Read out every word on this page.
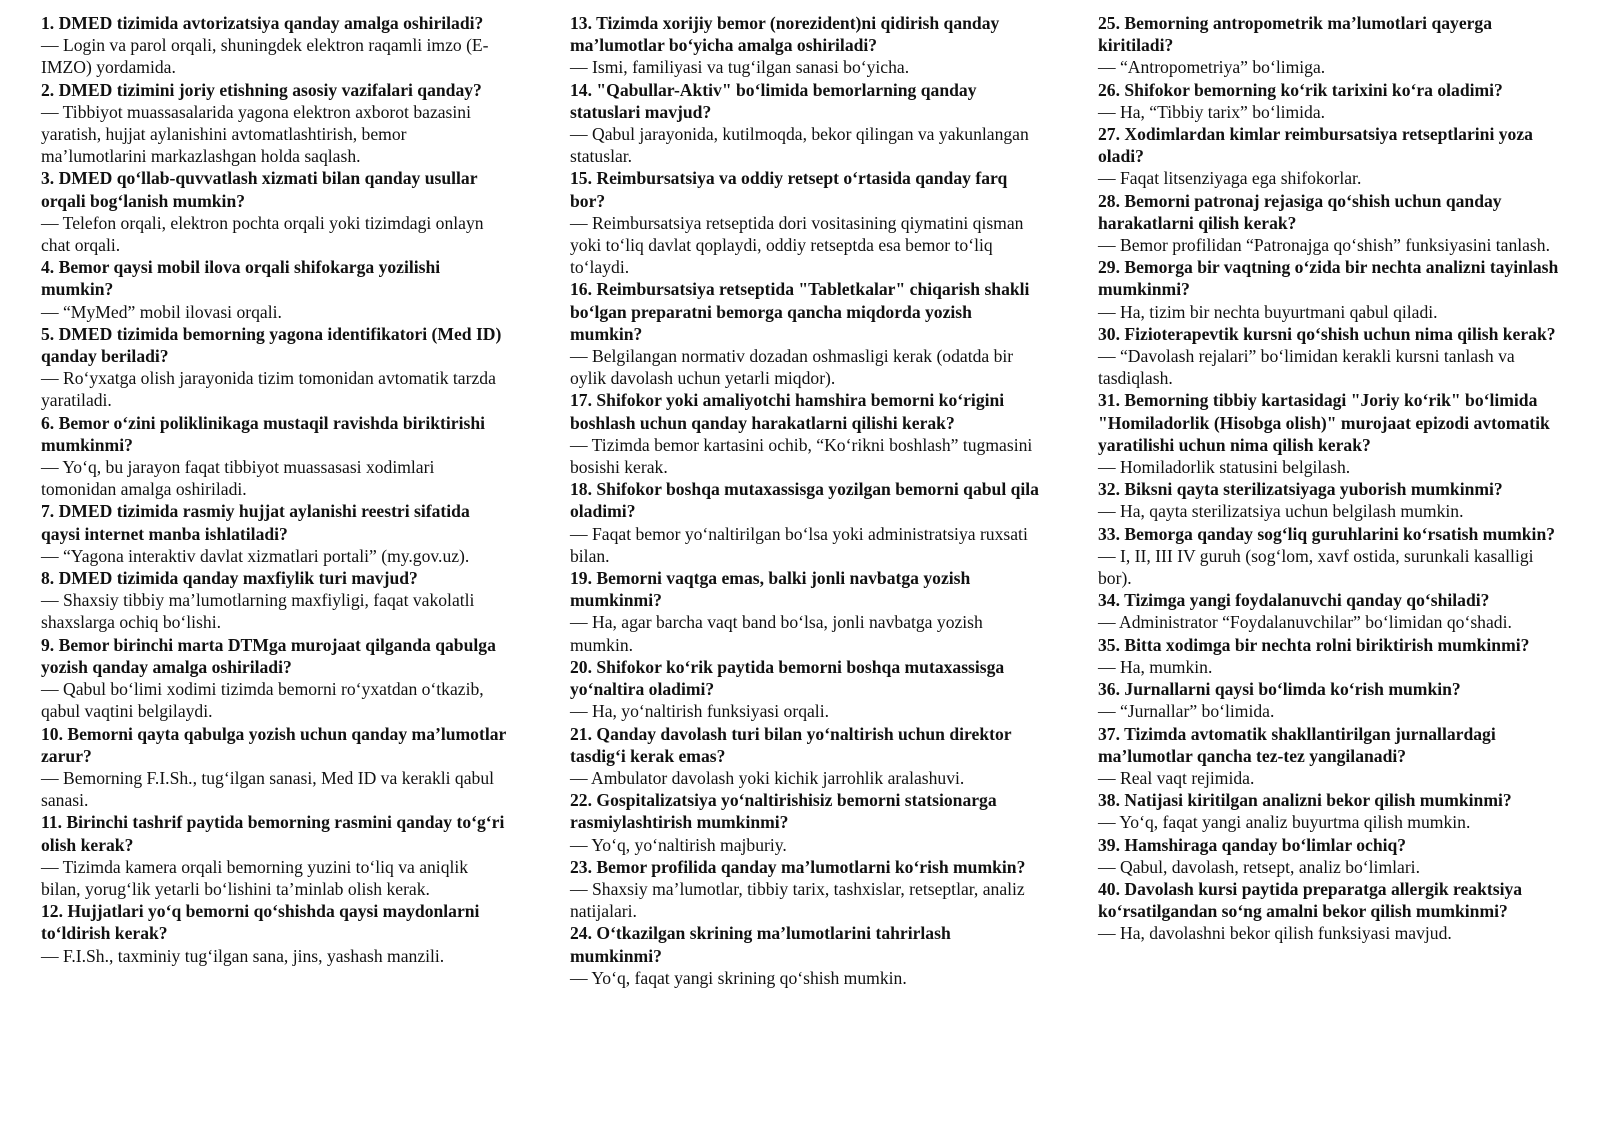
1. DMED tizimida avtorizatsiya qanday amalga oshiriladi?

— Login va parol orqali, shuningdek elektron raqamli imzo (E-IMZO) yordamida.

2. DMED tizimini joriy etishning asosiy vazifalari qanday?

— Tibbiyot muassasalarida yagona elektron axborot bazasini yaratish, hujjat aylanishini avtomatlashtirish, bemor ma’lumotlarini markazlashgan holda saqlash.

3. DMED qo‘llab-quvvatlash xizmati bilan qanday usullar orqali bog‘lanish mumkin?

— Telefon orqali, elektron pochta orqali yoki tizimdagi onlayn chat orqali.

4. Bemor qaysi mobil ilova orqali shifokarga yozilishi mumkin?

— “MyMed” mobil ilovasi orqali.

5. DMED tizimida bemorning yagona identifikatori (Med ID) qanday beriladi?

— Ro‘yxatga olish jarayonida tizim tomonidan avtomatik tarzda yaratiladi.

6. Bemor o‘zini poliklinikaga mustaqil ravishda biriktirishi mumkinmi?

— Yo‘q, bu jarayon faqat tibbiyot muassasasi xodimlari tomonidan amalga oshiriladi.

7. DMED tizimida rasmiy hujjat aylanishi reestri sifatida qaysi internet manba ishlatiladi?

— “Yagona interaktiv davlat xizmatlari portali” (my.gov.uz).

8. DMED tizimida qanday maxfiylik turi mavjud?

— Shaxsiy tibbiy ma’lumotlarning maxfiyligi, faqat vakolatli shaxslarga ochiq bo‘lishi.

9. Bemor birinchi marta DTMga murojaat qilganda qabulga yozish qanday amalga oshiriladi?

— Qabul bo‘limi xodimi tizimda bemorni ro‘yxatdan o‘tkazib, qabul vaqtini belgilaydi.

10. Bemorni qayta qabulga yozish uchun qanday ma’lumotlar zarur?

— Bemorning F.I.Sh., tug‘ilgan sanasi, Med ID va kerakli qabul sanasi.

11. Birinchi tashrif paytida bemorning rasmini qanday to‘g‘ri olish kerak?

— Tizimda kamera orqali bemorning yuzini to‘liq va aniqlik bilan, yorug‘lik yetarli bo‘lishini ta’minlab olish kerak.

12. Hujjatlari yo‘q bemorni qo‘shishda qaysi maydonlarni to‘ldirish kerak?

— F.I.Sh., taxminiy tug‘ilgan sana, jins, yashash manzili.

13. Tizimda xorijiy bemor (norezident)ni qidirish qanday ma’lumotlar bo‘yicha amalga oshiriladi?

— Ismi, familiyasi va tug‘ilgan sanasi bo‘yicha.

14. "Qabullar-Aktiv" bo‘limida bemorlarning qanday statuslari mavjud?

— Qabul jarayonida, kutilmoqda, bekor qilingan va yakunlangan statuslar.

15. Reimbursatsiya va oddiy retsept o‘rtasida qanday farq bor?

— Reimbursatsiya retseptida dori vositasining qiymatini qisman yoki to‘liq davlat qoplaydi, oddiy retseptda esa bemor to‘liq to‘laydi.

16. Reimbursatsiya retseptida "Tabletkalar" chiqarish shakli bo‘lgan preparatni bemorga qancha miqdorda yozish mumkin?

— Belgilangan normativ dozadan oshmasligi kerak (odatda bir oylik davolash uchun yetarli miqdor).

17. Shifokor yoki amaliyotchi hamshira bemorni ko‘rigini boshlash uchun qanday harakatlarni qilishi kerak?

— Tizimda bemor kartasini ochib, “Ko‘rikni boshlash” tugmasini bosishi kerak.

18. Shifokor boshqa mutaxassisga yozilgan bemorni qabul qila oladimi?

— Faqat bemor yo‘naltirilgan bo‘lsa yoki administratsiya ruxsati bilan.

19. Bemorni vaqtga emas, balki jonli navbatga yozish mumkinmi?

— Ha, agar barcha vaqt band bo‘lsa, jonli navbatga yozish mumkin.

20. Shifokor ko‘rik paytida bemorni boshqa mutaxassisga yo‘naltira oladimi?

— Ha, yo‘naltirish funksiyasi orqali.

21. Qanday davolash turi bilan yo‘naltirish uchun direktor tasdig‘i kerak emas?

— Ambulator davolash yoki kichik jarrohlik aralashuvi.

22. Gospitalizatsiya yo‘naltirishisiz bemorni statsionarga rasmiylashtirish mumkinmi?

— Yo‘q, yo‘naltirish majburiy.

23. Bemor profilida qanday ma’lumotlarni ko‘rish mumkin?

— Shaxsiy ma’lumotlar, tibbiy tarix, tashxislar, retseptlar, analiz natijalari.

24. O‘tkazilgan skrining ma’lumotlarini tahrirlash mumkinmi?

— Yo‘q, faqat yangi skrining qo‘shish mumkin.

25. Bemorning antropometrik ma’lumotlari qayerga kiritiladi?

— “Antropometriya” bo‘limiga.

26. Shifokor bemorning ko‘rik tarixini ko‘ra oladimi?

— Ha, “Tibbiy tarix” bo‘limida.

27. Xodimlardan kimlar reimbursatsiya retseptlarini yoza oladi?

— Faqat litsenziyaga ega shifokorlar.

28. Bemorni patronaj rejasiga qo‘shish uchun qanday harakatlarni qilish kerak?

— Bemor profilidan “Patronajga qo‘shish” funksiyasini tanlash.

29. Bemorga bir vaqtning o‘zida bir nechta analizni tayinlash mumkinmi?

— Ha, tizim bir nechta buyurtmani qabul qiladi.

30. Fizioterapevtik kursni qo‘shish uchun nima qilish kerak?

— “Davolash rejalari” bo‘limidan kerakli kursni tanlash va tasdiqlash.

31. Bemorning tibbiy kartasidagi "Joriy ko‘rik" bo‘limida "Homiladorlik (Hisobga olish)" murojaat epizodi avtomatik yaratilishi uchun nima qilish kerak?

— Homiladorlik statusini belgilash.

32. Biksni qayta sterilizatsiyaga yuborish mumkinmi?

— Ha, qayta sterilizatsiya uchun belgilash mumkin.

33. Bemorga qanday sog‘liq guruhlarini ko‘rsatish mumkin?

— I, II, III IV guruh (sog‘lom, xavf ostida, surunkali kasalligi bor).

34. Tizimga yangi foydalanuvchi qanday qo‘shiladi?

— Administrator “Foydalanuvchilar” bo‘limidan qo‘shadi.

35. Bitta xodimga bir nechta rolni biriktirish mumkinmi?

— Ha, mumkin.

36. Jurnallarni qaysi bo‘limda ko‘rish mumkin?

— “Jurnallar” bo‘limida.

37. Tizimda avtomatik shakllantirilgan jurnallardagi ma’lumotlar qancha tez-tez yangilanadi?

— Real vaqt rejimida.

38. Natijasi kiritilgan analizni bekor qilish mumkinmi?

— Yo‘q, faqat yangi analiz buyurtma qilish mumkin.

39. Hamshiraga qanday bo‘limlar ochiq?

— Qabul, davolash, retsept, analiz bo‘limlari.

40. Davolash kursi paytida preparatga allergik reaktsiya ko‘rsatilgandan so‘ng amalni bekor qilish mumkinmi?

— Ha, davolashni bekor qilish funksiyasi mavjud.
